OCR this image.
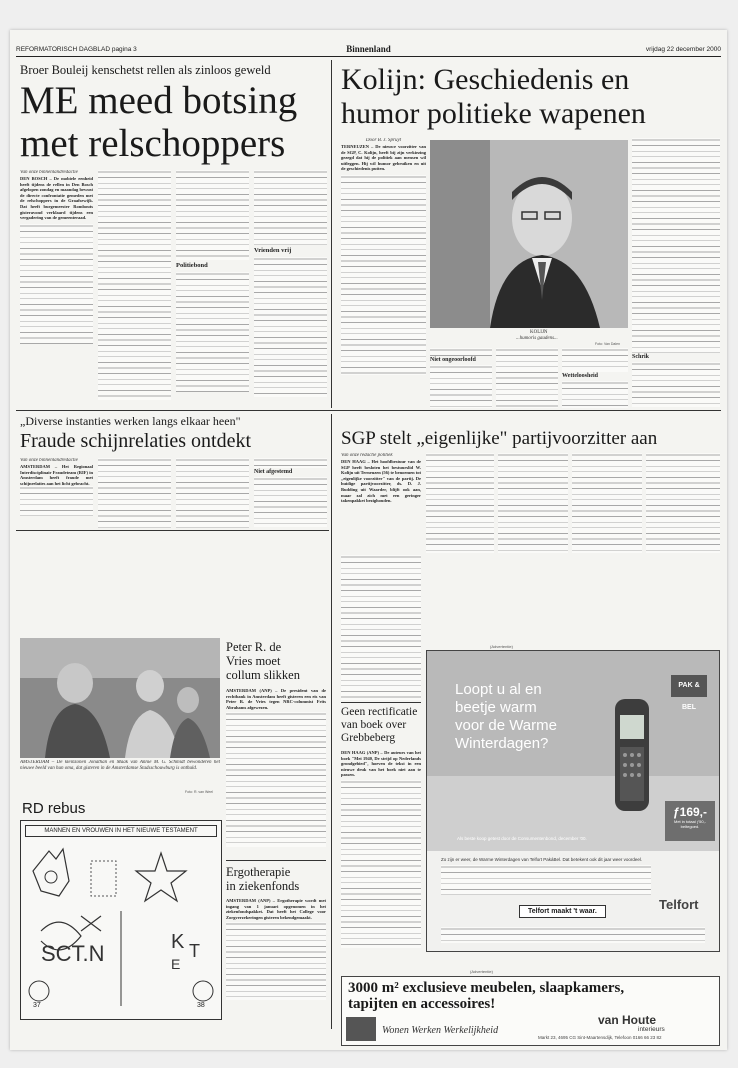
REFORMATORISCH DAGBLAD pagina 3	Binnenland	vrijdag 22 december 2000
Broer Bouleij kenschetst rellen als zinloos geweld
ME meed botsing
met relschoppers
Van onze binnenlandredactie
DEN BOSCH – De mobiele eenheid heeft tijdens de rellen in Den Bosch afgelopen zondag en maandag bewust de directe confrontatie gemeden met de relschoppers in de Graafsewijk. Dat heeft burgemeester Rombouts gisteravond verklaard tijdens een vergadering van de gemeenteraad.
Politiebond
Vrienden vrij
Kolijn: Geschiedenis en
humor politieke wapenen
Door B. J. Spruyt
TERNEUZEN – De nieuwe voorzitter van de SGP, C. Kolijn, heeft bij zijn verkiezing gezegd dat hij de politiek aan mensen wil uitleggen. Hij wil humor gebruiken en uit de geschiedenis putten.
KOLIJN
...humoris gaudens...
Foto: Van Dalen
Niet ongeoorloofd
Wetteloosheid
Schrik
„Diverse instanties werken langs elkaar heen"
Fraude schijnrelaties ontdekt
Van onze binnenlandredactie
AMSTERDAM – Het Regionaal Interdisciplinair Fraudeteam (RIF) in Amsterdam heeft fraude met schijnrelaties aan het licht gebracht.
Niet afgestemd
SGP stelt „eigenlijke" partijvoorzitter aan
Van onze redactie politiek
DEN HAAG – Het hoofdbestuur van de SGP heeft besloten het bestuurslid W. Kolijn uit Terneuzen (56) te benoemen tot „eigenlijke voorzitter" van de partij. De huidige partijvoorzitter, ds. D. J. Budding uit Waarder, blijft ook aan, maar zal zich met een geringer takenpakket bezighouden.
AMSTERDAM – De kleinzonen Jonathan en Maak van Annie M. G. Schmidt bewonderen het nieuwe beeld van hun oma, dat gisteren in de Amsterdamse Stadsschouwburg is onthuld.
Foto: R. van Weel
RD rebus
MANNEN EN VROUWEN IN HET NIEUWE TESTAMENT
SCT.N	K
E
T
37	38
Peter R. de
Vries moet
collum slikken
AMSTERDAM (ANP) – De president van de rechtbank in Amsterdam heeft gisteren een eis van Peter R. de Vries tegen NRC-columnist Frits Abrahams afgewezen.
Ergotherapie
in ziekenfonds
AMSTERDAM (ANP) – Ergotherapie wordt met ingang van 1 januari opgenomen in het ziekenfondspakket. Dat heeft het College voor Zorgverzekeringen gisteren bekendgemaakt.
Geen rectificatie
van boek over
Grebbeberg
DEN HAAG (ANP) – De auteurs van het boek "Mei 1940, De strijd op Nederlands grondgebied", hoeven de tekst in een nieuwe druk van het boek niet aan te passen.
(Advertentie)
Loopt u al en
beetje warm
voor de Warme
Winterdagen?
PAK & BEL
ƒ169,-
Met in totaal ƒ50,- beltegoed.
Als beste koop getest door de Consumentenbond, december '00.
Zo zijn er weer, de Warme Winterdagen van Telfort PakáBel. Dat betekent ook dit jaar weer voordeel.
Telfort maakt 't waar.	Telfort
(Advertentie)
3000 m² exclusieve meubelen, slaapkamers,
tapijten en accessoires!
Wonen Werken Werkelijkheid
van Houte
interieurs
Markt 23, 4695 CG Sint-Maartensdijk, Telefoon 0166 66 23 82
